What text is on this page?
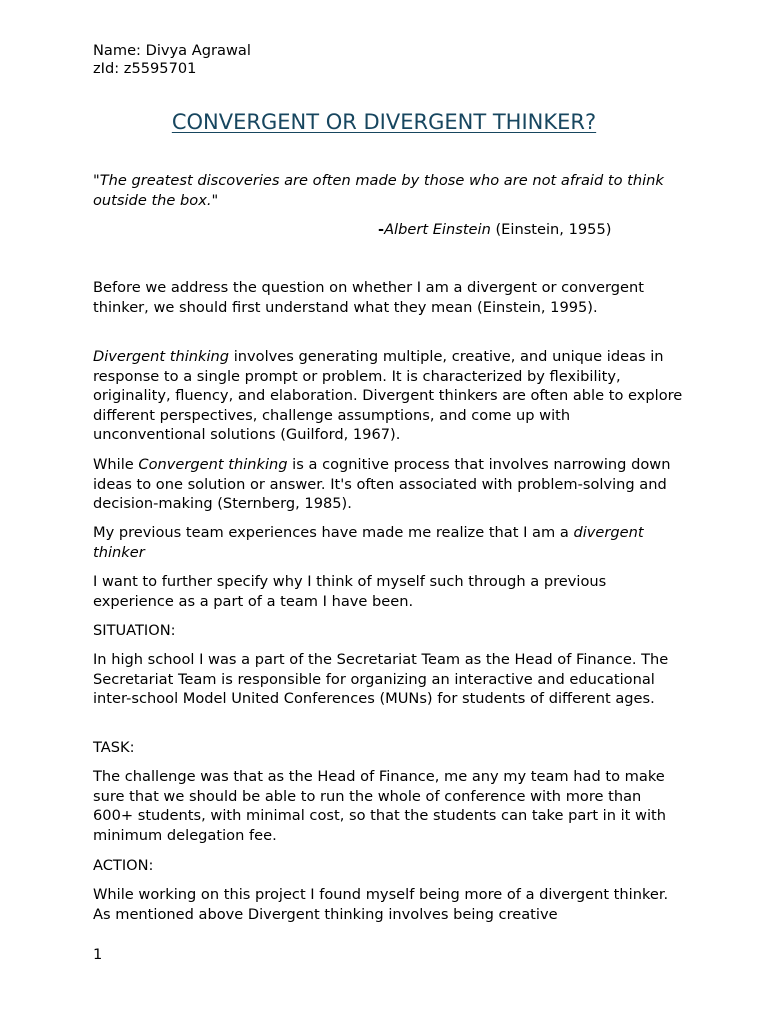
Name: Divya Agrawal

zId: z5595701

CONVERGENT OR DIVERGENT THINKER?

"The greatest discoveries are often made by those who are not afraid to think outside the box."

-Albert Einstein (Einstein, 1955)

Before we address the question on whether I am a divergent or convergent thinker, we should first understand what they mean (Einstein, 1995).

Divergent thinking involves generating multiple, creative, and unique ideas in response to a single prompt or problem. It is characterized by flexibility, originality, fluency, and elaboration. Divergent thinkers are often able to explore different perspectives, challenge assumptions, and come up with unconventional solutions (Guilford, 1967).

While Convergent thinking is a cognitive process that involves narrowing down ideas to one solution or answer. It's often associated with problem-solving and decision-making (Sternberg, 1985).

My previous team experiences have made me realize that I am a divergent thinker

I want to further specify why I think of myself such through a previous experience as a part of a team I have been.

SITUATION:

In high school I was a part of the Secretariat Team as the Head of Finance. The Secretariat Team is responsible for organizing an interactive and educational inter-school Model United Conferences (MUNs) for students of different ages.

TASK:

The challenge was that as the Head of Finance, me any my team had to make sure that we should be able to run the whole of conference with more than 600+ students, with minimal cost, so that the students can take part in it with minimum delegation fee.

ACTION:

While working on this project I found myself being more of a divergent thinker. As mentioned above Divergent thinking involves being creative

1
